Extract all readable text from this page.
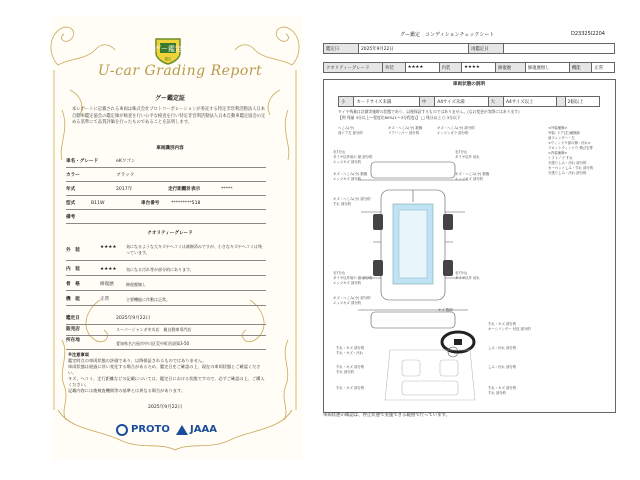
グー鑑定
鑑定
U-car Grading Report
グー鑑定証
本レポートに記載される車両は株式会社プロトコーポレーションが委託する特定非営利活動法人日本自動車鑑定協会の鑑定師が検査を行い公平な検査を行い特定非営利活動法人日本自動車鑑定協会の定める基準にて品質評価を行ったものであることを証明します。
車両識別内容
車名・グレード	eKワゴン
カラー	ブラック
年式	2017年	走行距離計表示	*****
型式	B11W	車台番号	*********518
備考
クオリティーグレード
外　装
★★★★ 気になるような大キズやヘコミは補修済みですが、小さなキズやヘコミは残っています。
内　装	★★★★ 気になる汚れ等が部分的にあります。
骨　格	修復歴	修復歴無し
機　能	正常	主要機能に作動は正常。
鑑定日	2025年9月22日
販売店	スーパージャンボ中川店　親自動車専門店
所在地
愛知県名古屋市中川区荒中町西須賀3-50
※注意事項
鑑定時点の車両状態の評価であり、以降保証されるものではありません。
車両状態は経過に伴い変化する場合があるため、鑑定日をご確認の上、現在の車両状態とご確認ください。
キズ、ヘコミ、走行距離などの記載については、鑑定日における状態ですので、必ずご確認の上、ご購入ください。
記載内容には後検査機関等の基準とは異なる場合があります。
2025年9月22日
PROTO JAAA
グー鑑定　コンディションチェックシート	D23325I2204
鑑定日	2025年9月22日	再鑑定日	
クオリティーグレード	外装	★★★★	内装	★★★★	修復歴	修復歴無し	機能	正常
車両状態の説明
小	カードサイズ未満	中	A4サイズ未満	大	A4サイズ以上		2個以上
タイヤ残量は計測実施時の状態であり、以後保証するものではありません。(なお変更が実際にはあります)
【例 残量 3分以上～程度比60%(1～3分程度)】 □ 残分以上 ○ 3分以下
へこみ(小)
前ドア左 部分的
キズ・へこみ(小) 数個
リアバンパー 部分的
キズ・へこみ(小) 部分的
エンジンガラ 部分的
<外装補修>
外装: ドア(左)補修跡
前フェンダー・左
<ウィンドウ部の傷・汚れ>
フロントウィンドウ 飛び石等
<内装補修>
シフトノブ すれ
天張りしみ・汚れ 部分的
カーペットしみ・すれ 部分的
天張りしみ・汚れ 部分的
毛7分山
タイヤ以外前の 最 部分的
エッジキズ 部分的
毛7分山
タイヤ以外 切れ
キズ・へこみ(小) 数個
エッジキズ 部分的
キズ・へこみ(小) 数個
エッジキズ 部分的
キズ・へこみ(小) 部分的
すれ 部分的
毛7分山
タイヤ以外前の 最 部分的
エッジキズ 部分的
毛7分山
タイヤ以外 切れ
キズ・へこみ(小) 部分的
エッジキズ 部分的
キズ 数個
すれ・キズ 部分的
キーシリンダー 付近 部分的
すれ・キズ 部分的
すれ・キズ・汚れ
しみ・汚れ 部分的
すれ・キズ 部分的
すれ 部分的
しみ・汚れ 部分的
すれ・キズ 部分的	すれ・キズ 部分的
すれ 部分的
車両状態の確認は、停止状態で実施できる範囲で行っています。
